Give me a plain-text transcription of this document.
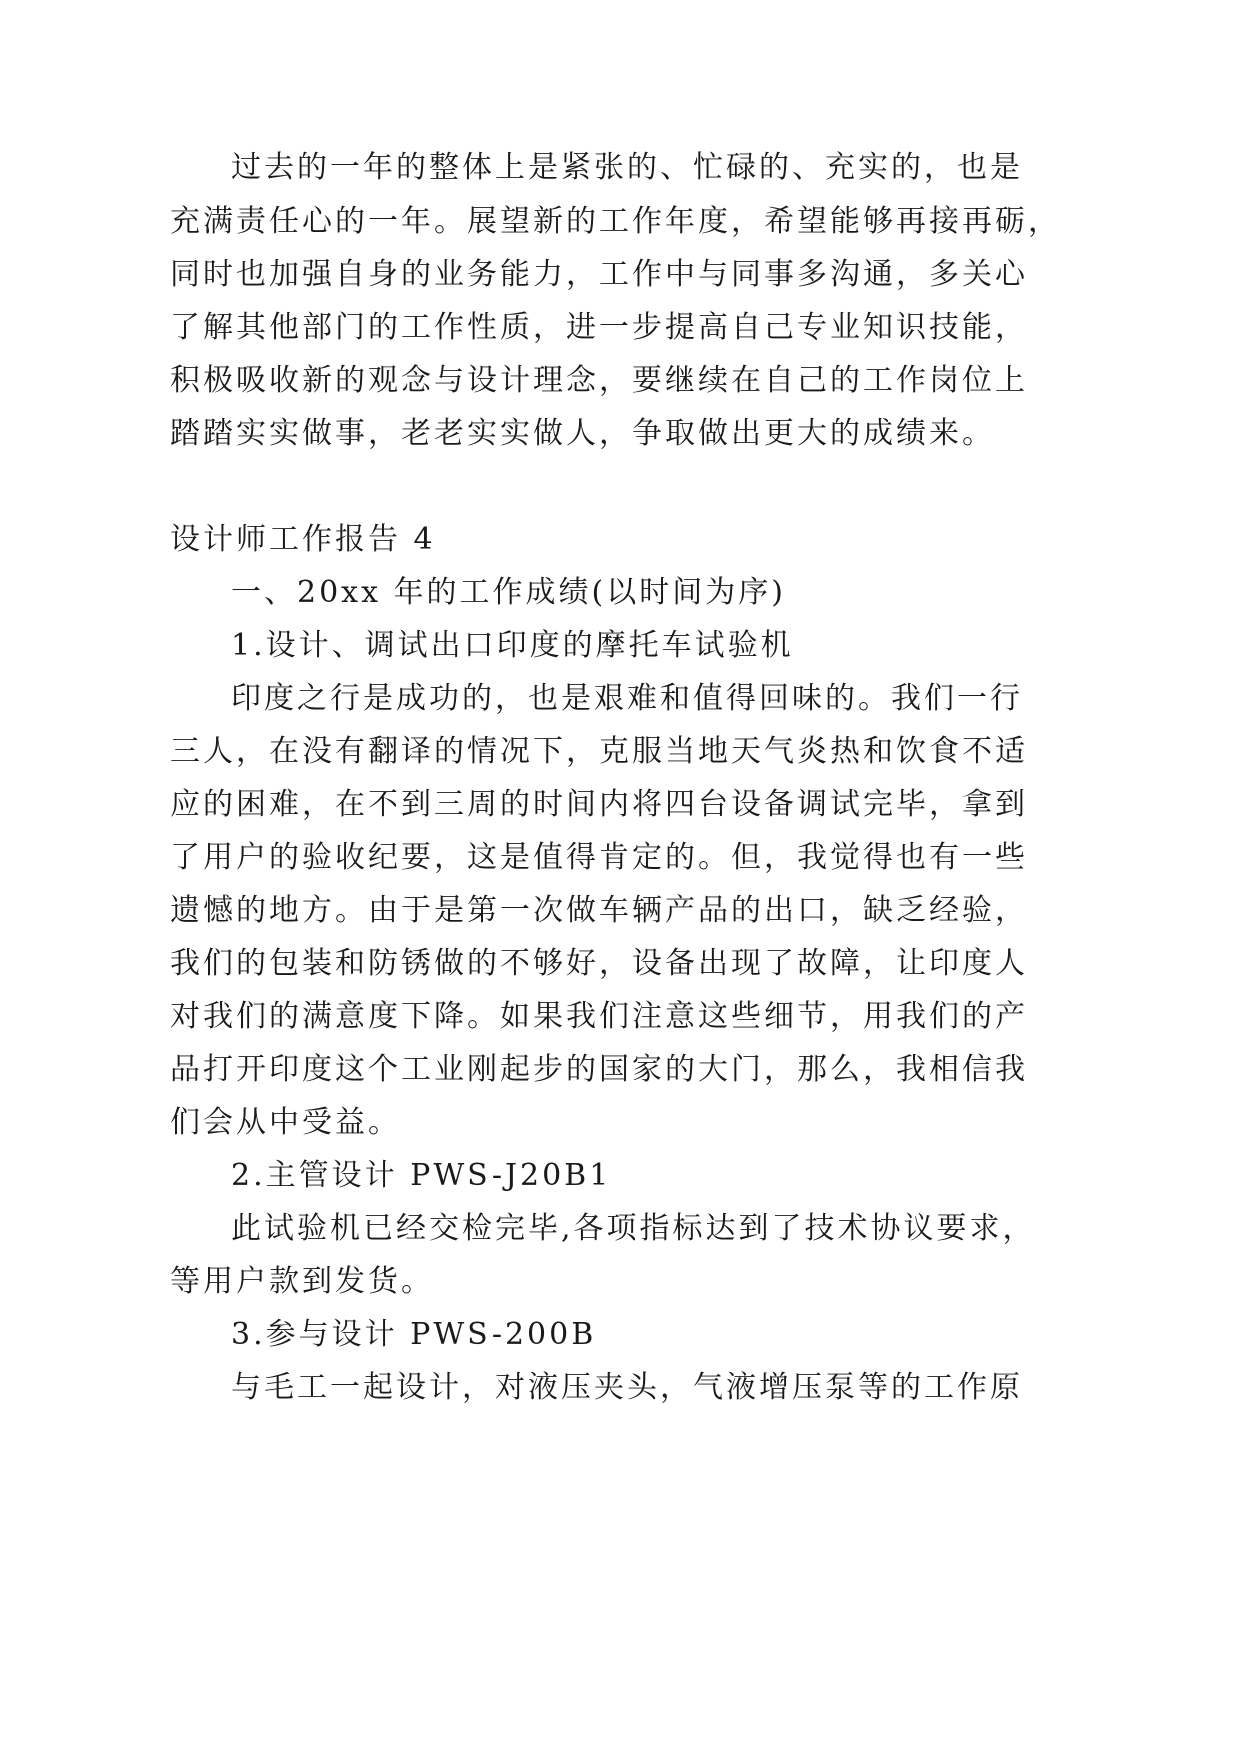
过去的一年的整体上是紧张的、忙碌的、充实的，也是
充满责任心的一年。展望新的工作年度，希望能够再接再砺，
同时也加强自身的业务能力，工作中与同事多沟通，多关心
了解其他部门的工作性质，进一步提高自己专业知识技能，
积极吸收新的观念与设计理念，要继续在自己的工作岗位上
踏踏实实做事，老老实实做人，争取做出更大的成绩来。
设计师工作报告 4
一、20xx 年的工作成绩(以时间为序)
1.设计、调试出口印度的摩托车试验机
印度之行是成功的，也是艰难和值得回味的。我们一行
三人，在没有翻译的情况下，克服当地天气炎热和饮食不适
应的困难，在不到三周的时间内将四台设备调试完毕，拿到
了用户的验收纪要，这是值得肯定的。但，我觉得也有一些
遗憾的地方。由于是第一次做车辆产品的出口，缺乏经验，
我们的包装和防锈做的不够好，设备出现了故障，让印度人
对我们的满意度下降。如果我们注意这些细节，用我们的产
品打开印度这个工业刚起步的国家的大门，那么，我相信我
们会从中受益。
2.主管设计 PWS-J20B1
此试验机已经交检完毕,各项指标达到了技术协议要求，
等用户款到发货。
3.参与设计 PWS-200B
与毛工一起设计，对液压夹头，气液增压泵等的工作原
